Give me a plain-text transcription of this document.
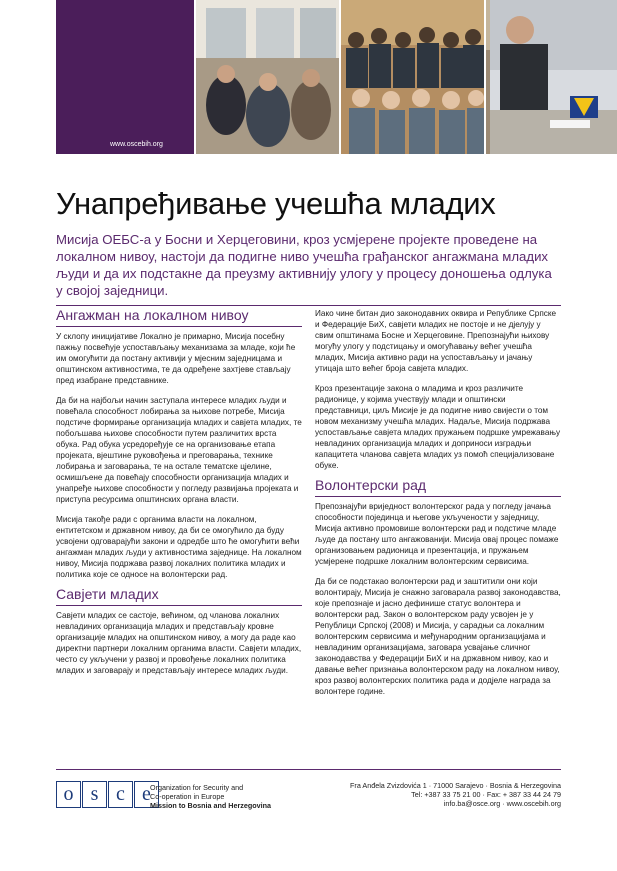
www.oscebih.org
Унапређивање учешћа младих
Мисија ОЕБС-а у Босни и Херцеговини, кроз усмјерене пројекте проведене на локалном нивоу, настоји да подигне ниво учешћа грађанског ангажмана младих људи и да их подстакне да преузму активнију улогу у процесу доношења одлука у својој заједници.
Ангажман на локалном нивоу

У склопу иницијативе Локално је примарно, Мисија посебну пажњу посвећује успостављању механизама за младе, који ће им омогућити да постану активији у мјесним заједницама и општинском активностима, те да одређене захтјеве стављају пред изабране представнике.

Да би на најбољи начин заступала интересе младих људи и повећала способност лобирања за њихове потребе, Мисија подстиче формирање организација младих и савјета младих, те побољшава њихове способности путем различитих врста обука. Рад обука усредоређује се на организовање етапа пројеката, вјештине руковођења и преговарања, технике лобирања и заговарања, те на остале тематске цјелине, осмишљене да повећају способности организација младих и унапређе њихове способности у погледу развијања пројеката и приступа ресурсима општинских органа власти.

Мисија такође ради с органима власти на локалном, ентитетском и државном нивоу, да би се омогућило да буду усвојени одговарајући закони и одредбе што ће омогућити већи ангажман младих људи у активностима заједнице. На локалном нивоу, Мисија подржава развој локалних политика младих и политика које се односе на волонтерски рад.

Савјети младих

Савјети младих се састоје, већином, од чланова локалних невладиних организација младих и представљају кровне организације младих на општинском нивоу, а могу да раде као директни партнери локалним органима власти. Савјети младих, често су укључени у развој и провођење локалних политика младих и заговарају и представљају интересе младих људи.

Иако чине битан дио законодавних оквира и Републике Српске и Федерације БиХ, савјети младих не постоје и не дјелују у свим општинама Босне и Херцеговине. Препознајући њихову могућу улогу у подстицању и омогућавању већег учешћа младих, Мисија активно ради на успостављању и јачању утицаја што већег броја савјета младих.

Кроз презентације закона о младима и кроз различите радионице, у којима учествују млади и општински представници, циљ Мисије је да подигне ниво свијести о том новом механизму учешћа младих. Надаље, Мисија подржава успостављање савјета младих пружањем подршке умрежавању невладиних организација младих и доприноси изградњи капацитета чланова савјета младих уз помоћ специјализоване обуке.

Волонтерски рад

Препознајући вриједност волонтерског рада у погледу јачања способности појединца и његове укључености у заједницу, Мисија активно промовише волонтерски рад и подстиче младе људе да постану што ангажованији. Мисија овај процес помаже организовањем радионица и презентација, и пружањем усмјерене подршке локалним волонтерским сервисима.

Да би се подстакао волонтерски рад и заштитили они који волонтирају, Мисија је снажно заговарала развој законодавства, које препознаје и јасно дефинише статус волонтера и волонтерски рад. Закон о волонтерском раду усвојен је у Републици Српској (2008) и Мисија, у сарадњи са локалним волонтерским сервисима и међународним организацијама и невладиним организацијама, заговара усвајање сличног законодавства у Федерацији БиХ и на државном нивоу, као и давање већег признања волонтерском раду на локалном нивоу, кроз развој волонтерских политика рада и додјеле награда за волонтере године.

o s c e Organization for Security and
Co-operation in Europe
Mission to Bosnia and Herzegovina
Fra Anđela Zvizdovića 1 · 71000 Sarajevo · Bosnia & Herzegovina
Tel: +387 33 75 21 00 · Fax: + 387 33 44 24 79
info.ba@osce.org · www.oscebih.org
